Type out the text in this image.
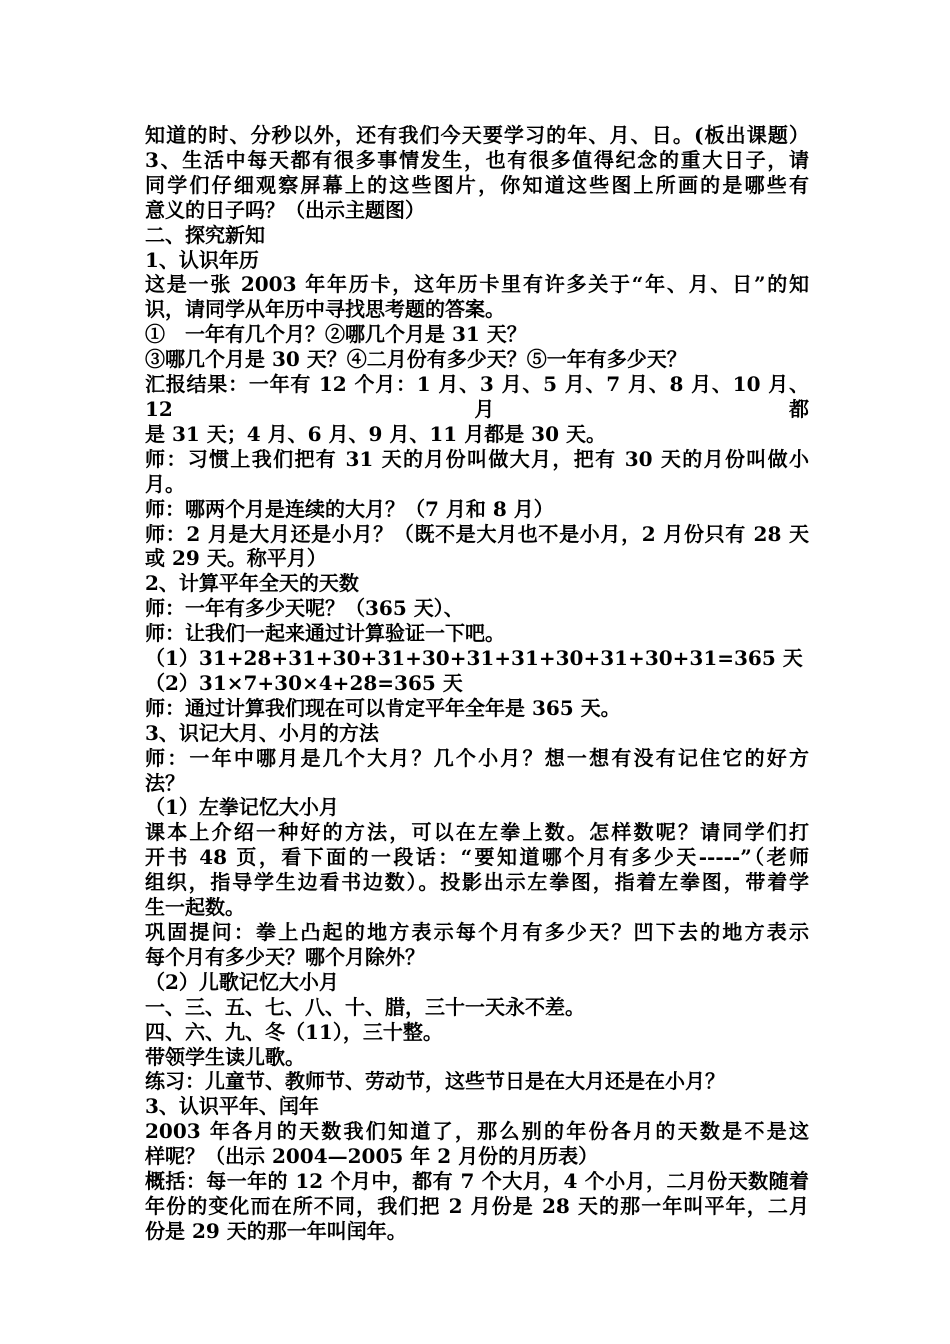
知道的时、分秒以外，还有我们今天要学习的年、月、日。(板出课题）
3、生活中每天都有很多事情发生，也有很多值得纪念的重大日子，请
同学们仔细观察屏幕上的这些图片，你知道这些图上所画的是哪些有
意义的日子吗？（出示主题图）
二、探究新知
1、认识年历
这是一张 2003 年年历卡，这年历卡里有许多关于“年、月、日”的知
识，请同学从年历中寻找思考题的答案。
①　一年有几个月？②哪几个月是 31 天？
③哪几个月是 30 天？④二月份有多少天？⑤一年有多少天？
汇报结果：一年有 12 个月：1 月、3 月、5 月、7 月、8 月、10 月、12 月都
是 31 天；4 月、6 月、9 月、11 月都是 30 天。
师：习惯上我们把有 31 天的月份叫做大月，把有 30 天的月份叫做小
月。
师：哪两个月是连续的大月？（7 月和 8 月）
师：2 月是大月还是小月？（既不是大月也不是小月，2 月份只有 28 天
或 29 天。称平月）
2、计算平年全天的天数
师：一年有多少天呢？（365 天）、
师：让我们一起来通过计算验证一下吧。
（1）31+28+31+30+31+30+31+31+30+31+30+31=365 天
（2）31×7+30×4+28=365 天
师：通过计算我们现在可以肯定平年全年是 365 天。
3、识记大月、小月的方法
师：一年中哪月是几个大月？几个小月？想一想有没有记住它的好方
法？
（1）左拳记忆大小月
课本上介绍一种好的方法，可以在左拳上数。怎样数呢？请同学们打
开书 48 页，看下面的一段话：“要知道哪个月有多少天-----”（老师
组织，指导学生边看书边数）。投影出示左拳图，指着左拳图，带着学
生一起数。
巩固提问：拳上凸起的地方表示每个月有多少天？凹下去的地方表示
每个月有多少天？哪个月除外？
（2）儿歌记忆大小月
一、三、五、七、八、十、腊，三十一天永不差。
四、六、九、冬（11），三十整。
带领学生读儿歌。
练习：儿童节、教师节、劳动节，这些节日是在大月还是在小月？
3、认识平年、闰年
2003 年各月的天数我们知道了，那么别的年份各月的天数是不是这
样呢？（出示 2004—2005 年 2 月份的月历表）
概括：每一年的 12 个月中，都有 7 个大月，4 个小月，二月份天数随着
年份的变化而在所不同，我们把 2 月份是 28 天的那一年叫平年，二月
份是 29 天的那一年叫闰年。
